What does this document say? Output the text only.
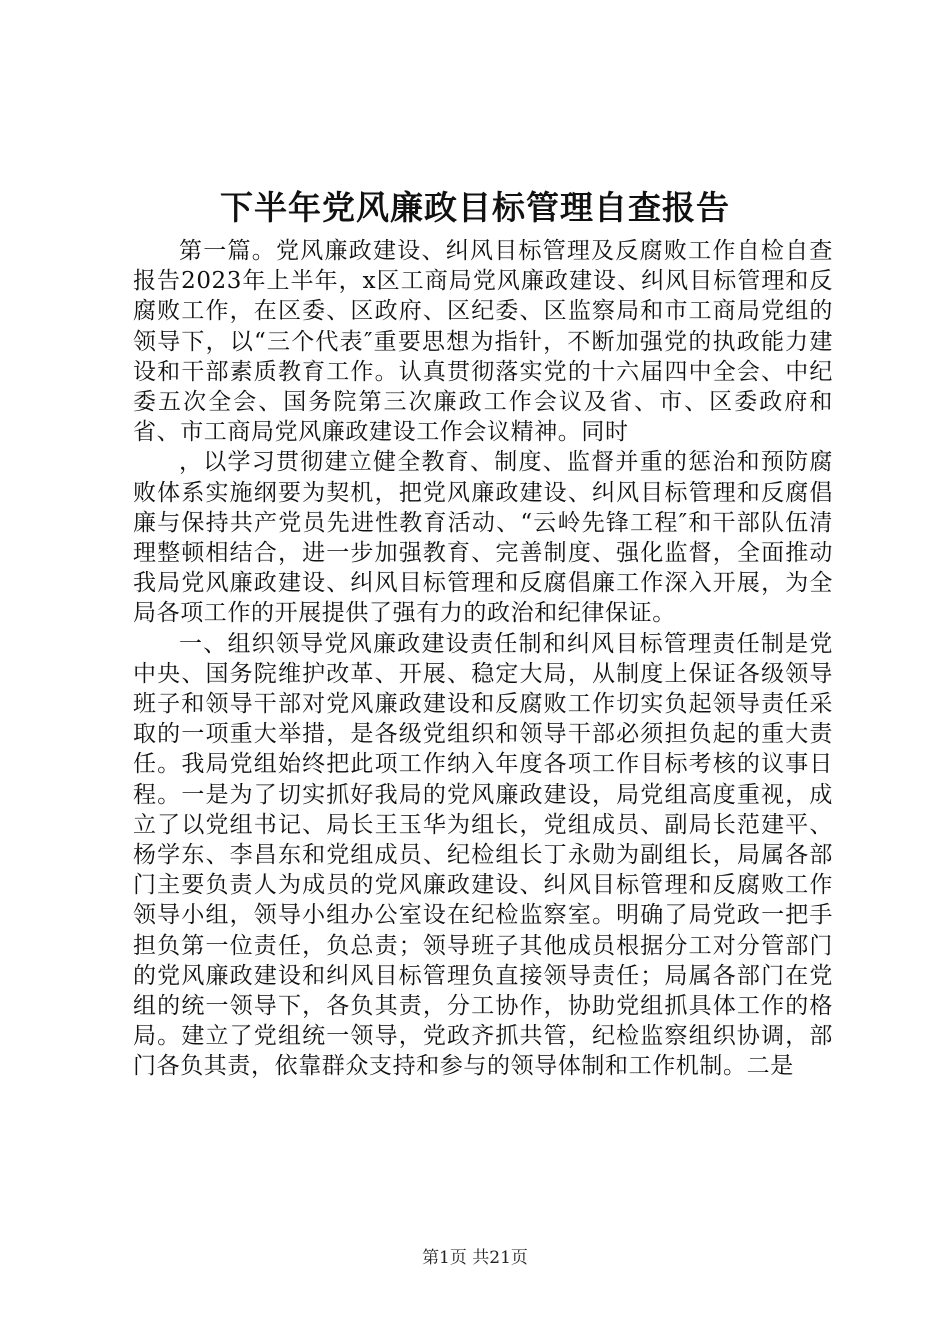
下半年党风廉政目标管理自查报告

第一篇。党风廉政建设、纠风目标管理及反腐败工作自检自查报告2023年上半年，x区工商局党风廉政建设、纠风目标管理和反腐败工作，在区委、区政府、区纪委、区监察局和市工商局党组的领导下，以“三个代表″重要思想为指针，不断加强党的执政能力建设和干部素质教育工作。认真贯彻落实党的十六届四中全会、中纪委五次全会、国务院第三次廉政工作会议及省、市、区委政府和省、市工商局党风廉政建设工作会议精神。同时

，以学习贯彻建立健全教育、制度、监督并重的惩治和预防腐败体系实施纲要为契机，把党风廉政建设、纠风目标管理和反腐倡廉与保持共产党员先进性教育活动、“云岭先锋工程″和干部队伍清理整顿相结合，进一步加强教育、完善制度、强化监督，全面推动我局党风廉政建设、纠风目标管理和反腐倡廉工作深入开展，为全局各项工作的开展提供了强有力的政治和纪律保证。

一、组织领导党风廉政建设责任制和纠风目标管理责任制是党中央、国务院维护改革、开展、稳定大局，从制度上保证各级领导班子和领导干部对党风廉政建设和反腐败工作切实负起领导责任采取的一项重大举措，是各级党组织和领导干部必须担负起的重大责任。我局党组始终把此项工作纳入年度各项工作目标考核的议事日程。一是为了切实抓好我局的党风廉政建设，局党组高度重视，成立了以党组书记、局长王玉华为组长，党组成员、副局长范建平、杨学东、李昌东和党组成员、纪检组长丁永勋为副组长，局属各部门主要负责人为成员的党风廉政建设、纠风目标管理和反腐败工作领导小组，领导小组办公室设在纪检监察室。明确了局党政一把手担负第一位责任，负总责；领导班子其他成员根据分工对分管部门的党风廉政建设和纠风目标管理负直接领导责任；局属各部门在党组的统一领导下，各负其责，分工协作，协助党组抓具体工作的格局。建立了党组统一领导，党政齐抓共管，纪检监察组织协调，部门各负其责，依靠群众支持和参与的领导体制和工作机制。二是

第1页 共21页
